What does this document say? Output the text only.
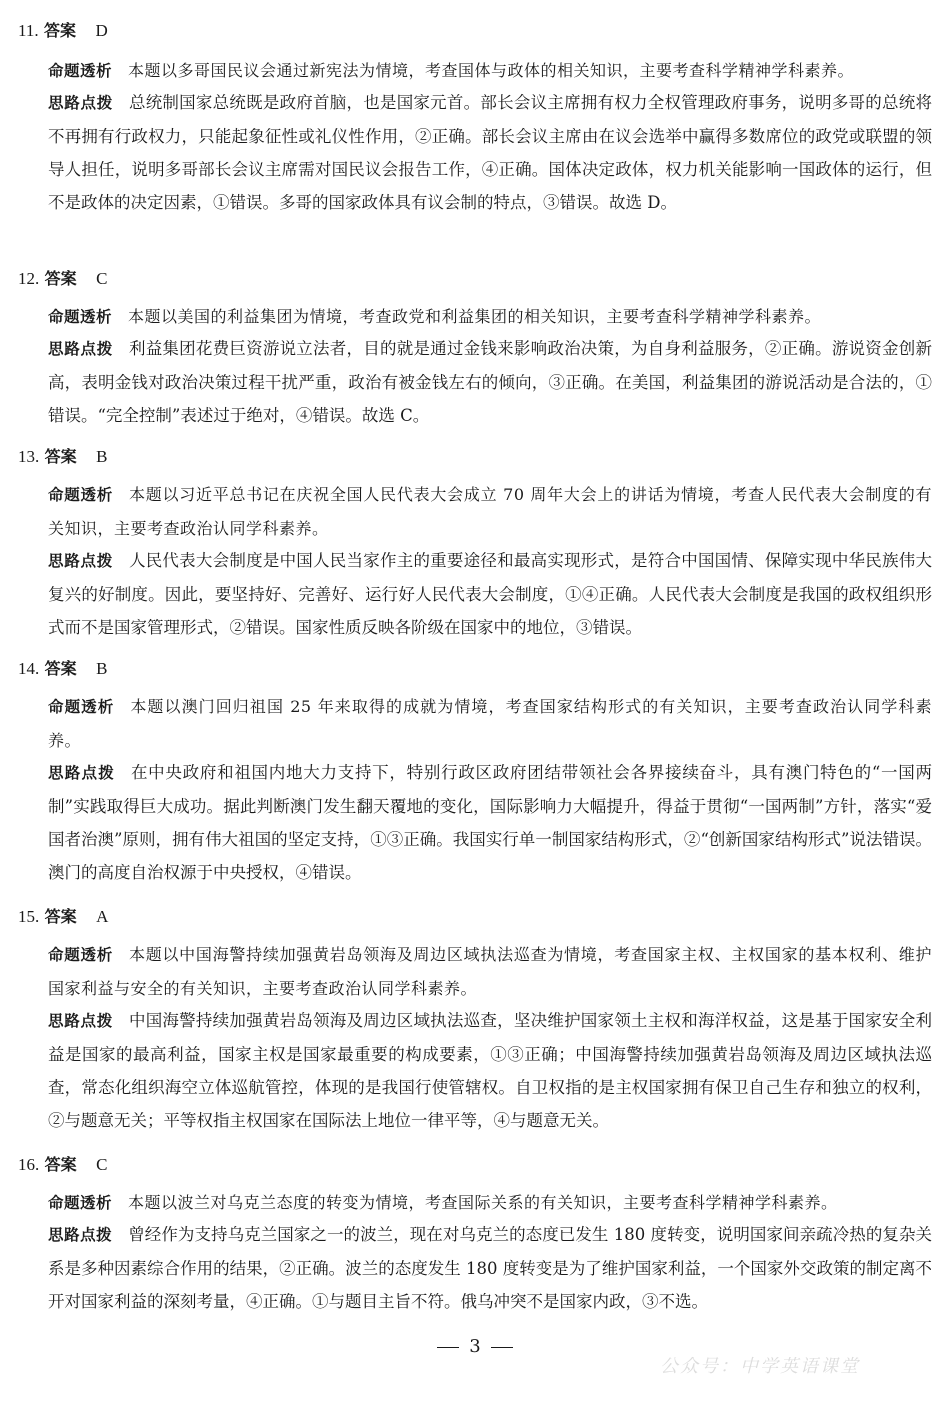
11. 答案 D
命题透析 本题以多哥国民议会通过新宪法为情境，考查国体与政体的相关知识，主要考查科学精神学科素养。
思路点拨 总统制国家总统既是政府首脑，也是国家元首。部长会议主席拥有权力全权管理政府事务，说明多哥的总统将不再拥有行政权力，只能起象征性或礼仪性作用，②正确。部长会议主席由在议会选举中赢得多数席位的政党或联盟的领导人担任，说明多哥部长会议主席需对国民议会报告工作，④正确。国体决定政体，权力机关能影响一国政体的运行，但不是政体的决定因素，①错误。多哥的国家政体具有议会制的特点，③错误。故选 D。
12. 答案 C
命题透析 本题以美国的利益集团为情境，考查政党和利益集团的相关知识，主要考查科学精神学科素养。
思路点拨 利益集团花费巨资游说立法者，目的就是通过金钱来影响政治决策，为自身利益服务，②正确。游说资金创新高，表明金钱对政治决策过程干扰严重，政治有被金钱左右的倾向，③正确。在美国，利益集团的游说活动是合法的，①错误。“完全控制”表述过于绝对，④错误。故选 C。
13. 答案 B
命题透析 本题以习近平总书记在庆祝全国人民代表大会成立 70 周年大会上的讲话为情境，考查人民代表大会制度的有关知识，主要考查政治认同学科素养。
思路点拨 人民代表大会制度是中国人民当家作主的重要途径和最高实现形式，是符合中国国情、保障实现中华民族伟大复兴的好制度。因此，要坚持好、完善好、运行好人民代表大会制度，①④正确。人民代表大会制度是我国的政权组织形式而不是国家管理形式，②错误。国家性质反映各阶级在国家中的地位，③错误。
14. 答案 B
命题透析 本题以澳门回归祖国 25 年来取得的成就为情境，考查国家结构形式的有关知识，主要考查政治认同学科素养。
思路点拨 在中央政府和祖国内地大力支持下，特别行政区政府团结带领社会各界接续奋斗，具有澳门特色的“一国两制”实践取得巨大成功。据此判断澳门发生翻天覆地的变化，国际影响力大幅提升，得益于贯彻“一国两制”方针，落实“爱国者治澳”原则，拥有伟大祖国的坚定支持，①③正确。我国实行单一制国家结构形式，②“创新国家结构形式”说法错误。澳门的高度自治权源于中央授权，④错误。
15. 答案 A
命题透析 本题以中国海警持续加强黄岩岛领海及周边区域执法巡查为情境，考查国家主权、主权国家的基本权利、维护国家利益与安全的有关知识，主要考查政治认同学科素养。
思路点拨 中国海警持续加强黄岩岛领海及周边区域执法巡查，坚决维护国家领土主权和海洋权益，这是基于国家安全利益是国家的最高利益，国家主权是国家最重要的构成要素，①③正确；中国海警持续加强黄岩岛领海及周边区域执法巡查，常态化组织海空立体巡航管控，体现的是我国行使管辖权。自卫权指的是主权国家拥有保卫自己生存和独立的权利，②与题意无关；平等权指主权国家在国际法上地位一律平等，④与题意无关。
16. 答案 C
命题透析 本题以波兰对乌克兰态度的转变为情境，考查国际关系的有关知识，主要考查科学精神学科素养。
思路点拨 曾经作为支持乌克兰国家之一的波兰，现在对乌克兰的态度已发生 180 度转变，说明国家间亲疏冷热的复杂关系是多种因素综合作用的结果，②正确。波兰的态度发生 180 度转变是为了维护国家利益，一个国家外交政策的制定离不开对国家利益的深刻考量，④正确。①与题目主旨不符。俄乌冲突不是国家内政，③不选。
3
公众号：中学英语课堂
